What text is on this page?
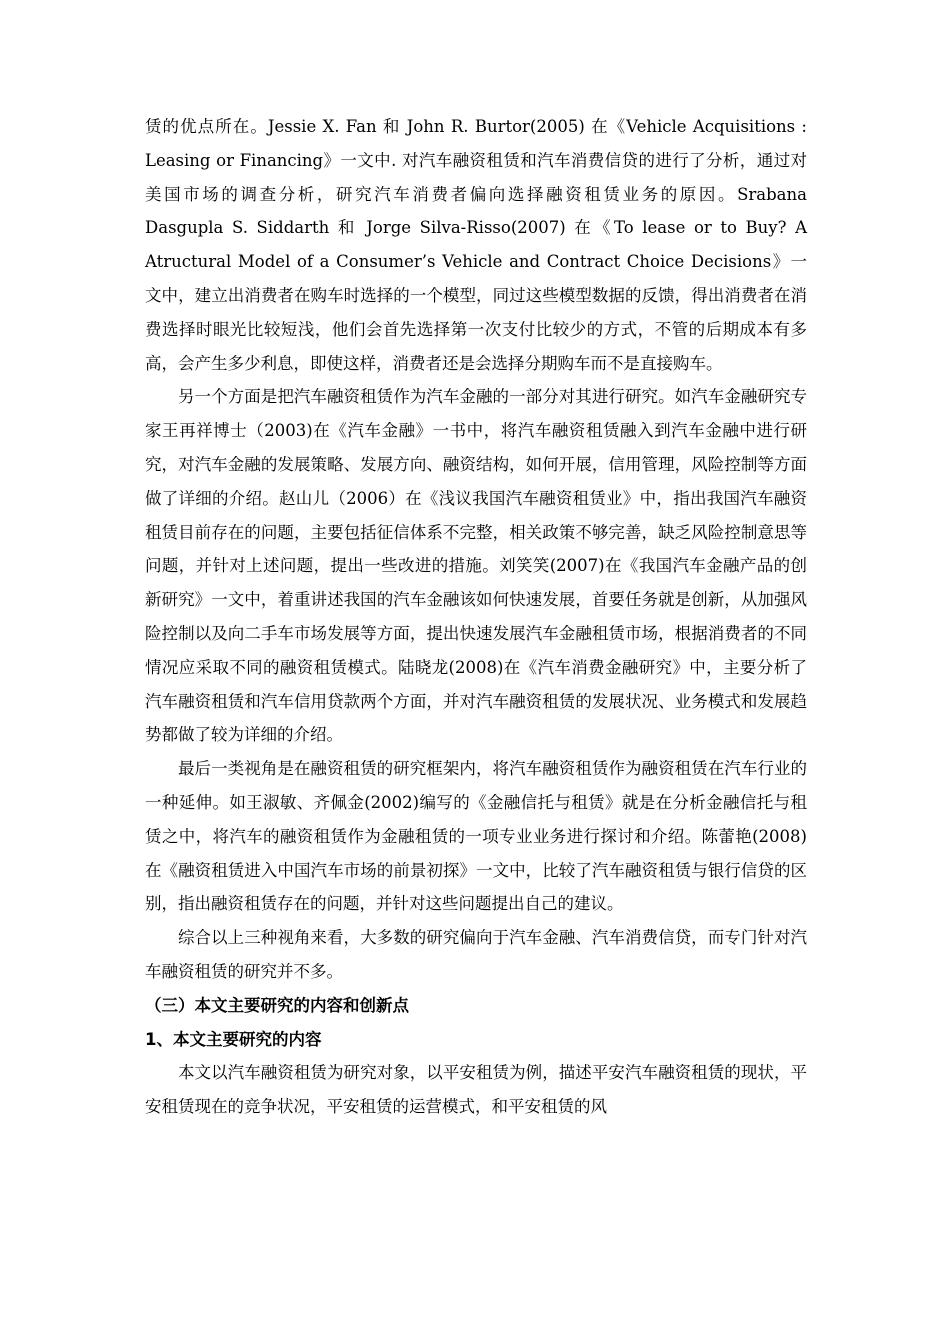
赁的优点所在。Jessie X. Fan 和 John R. Burtor(2005) 在《Vehicle Acquisitions : Leasing or Financing》一文中. 对汽车融资租赁和汽车消费信贷的进行了分析，通过对美国市场的调查分析，研究汽车消费者偏向选择融资租赁业务的原因。Srabana Dasgupla S. Siddarth 和 Jorge Silva-Risso(2007) 在《To lease or to Buy? A Atructural Model of a Consumer’s Vehicle and Contract Choice Decisions》一文中，建立出消费者在购车时选择的一个模型，同过这些模型数据的反馈，得出消费者在消费选择时眼光比较短浅，他们会首先选择第一次支付比较少的方式，不管的后期成本有多高，会产生多少利息，即使这样，消费者还是会选择分期购车而不是直接购车。

另一个方面是把汽车融资租赁作为汽车金融的一部分对其进行研究。如汽车金融研究专家王再祥博士（2003)在《汽车金融》一书中，将汽车融资租赁融入到汽车金融中进行研究，对汽车金融的发展策略、发展方向、融资结构，如何开展，信用管理，风险控制等方面做了详细的介绍。赵山儿（2006）在《浅议我国汽车融资租赁业》中，指出我国汽车融资租赁目前存在的问题，主要包括征信体系不完整，相关政策不够完善，缺乏风险控制意思等问题，并针对上述问题，提出一些改进的措施。刘笑笑(2007)在《我国汽车金融产品的创新研究》一文中，着重讲述我国的汽车金融该如何快速发展，首要任务就是创新，从加强风险控制以及向二手车市场发展等方面，提出快速发展汽车金融租赁市场，根据消费者的不同情况应采取不同的融资租赁模式。陆晓龙(2008)在《汽车消费金融研究》中，主要分析了汽车融资租赁和汽车信用贷款两个方面，并对汽车融资租赁的发展状况、业务模式和发展趋势都做了较为详细的介绍。

最后一类视角是在融资租赁的研究框架内，将汽车融资租赁作为融资租赁在汽车行业的一种延伸。如王淑敏、齐佩金(2002)编写的《金融信托与租赁》就是在分析金融信托与租赁之中，将汽车的融资租赁作为金融租赁的一项专业业务进行探讨和介绍。陈蕾艳(2008)在《融资租赁进入中国汽车市场的前景初探》一文中，比较了汽车融资租赁与银行信贷的区别，指出融资租赁存在的问题，并针对这些问题提出自己的建议。

综合以上三种视角来看，大多数的研究偏向于汽车金融、汽车消费信贷，而专门针对汽车融资租赁的研究并不多。

（三）本文主要研究的内容和创新点
1、本文主要研究的内容

本文以汽车融资租赁为研究对象，以平安租赁为例，描述平安汽车融资租赁的现状，平安租赁现在的竞争状况，平安租赁的运营模式，和平安租赁的风
